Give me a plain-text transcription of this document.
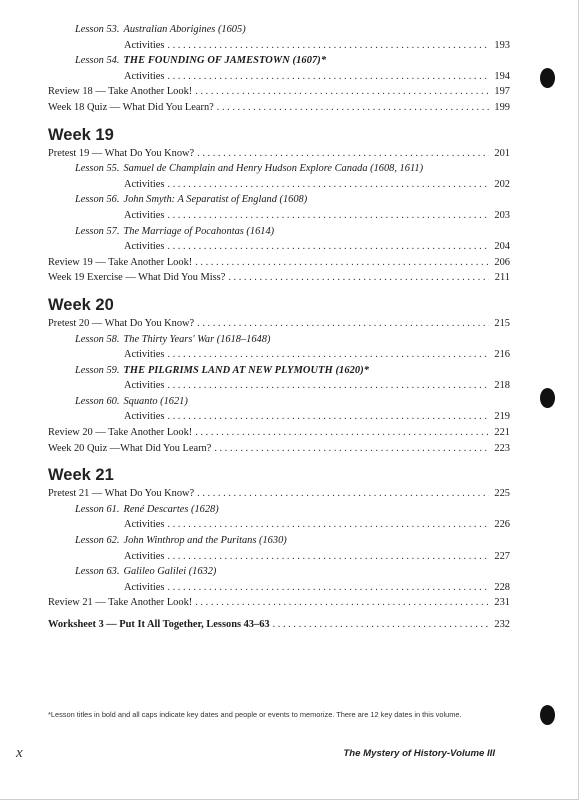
Lesson 53. Australian Aborigines (1605)
Activities . . .	193
Lesson 54. THE FOUNDING OF JAMESTOWN (1607)*
Activities . . .	194
Review 18 — Take Another Look! . . .	197
Week 18 Quiz — What Did You Learn? . . .	199
Week 19
Pretest 19 — What Do You Know? . . .	201
Lesson 55. Samuel de Champlain and Henry Hudson Explore Canada (1608, 1611)
Activities . . .	202
Lesson 56. John Smyth: A Separatist of England (1608)
Activities . . .	203
Lesson 57. The Marriage of Pocahontas (1614)
Activities . . .	204
Review 19 — Take Another Look! . . .	206
Week 19 Exercise — What Did You Miss? . . .	211
Week 20
Pretest 20 — What Do You Know? . . .	215
Lesson 58. The Thirty Years' War (1618–1648)
Activities . . .	216
Lesson 59. THE PILGRIMS LAND AT NEW PLYMOUTH (1620)*
Activities . . .	218
Lesson 60. Squanto (1621)
Activities . . .	219
Review 20 — Take Another Look! . . .	221
Week 20 Quiz —What Did You Learn? . . .	223
Week 21
Pretest 21 — What Do You Know? . . .	225
Lesson 61. René Descartes (1628)
Activities . . .	226
Lesson 62. John Winthrop and the Puritans (1630)
Activities . . .	227
Lesson 63. Galileo Galilei (1632)
Activities . . .	228
Review 21 — Take Another Look! . . .	231
Worksheet 3 — Put It All Together, Lessons 43–63 . . .	232
*Lesson titles in bold and all caps indicate key dates and people or events to memorize. There are 12 key dates in this volume.
x	The Mystery of History-Volume III
